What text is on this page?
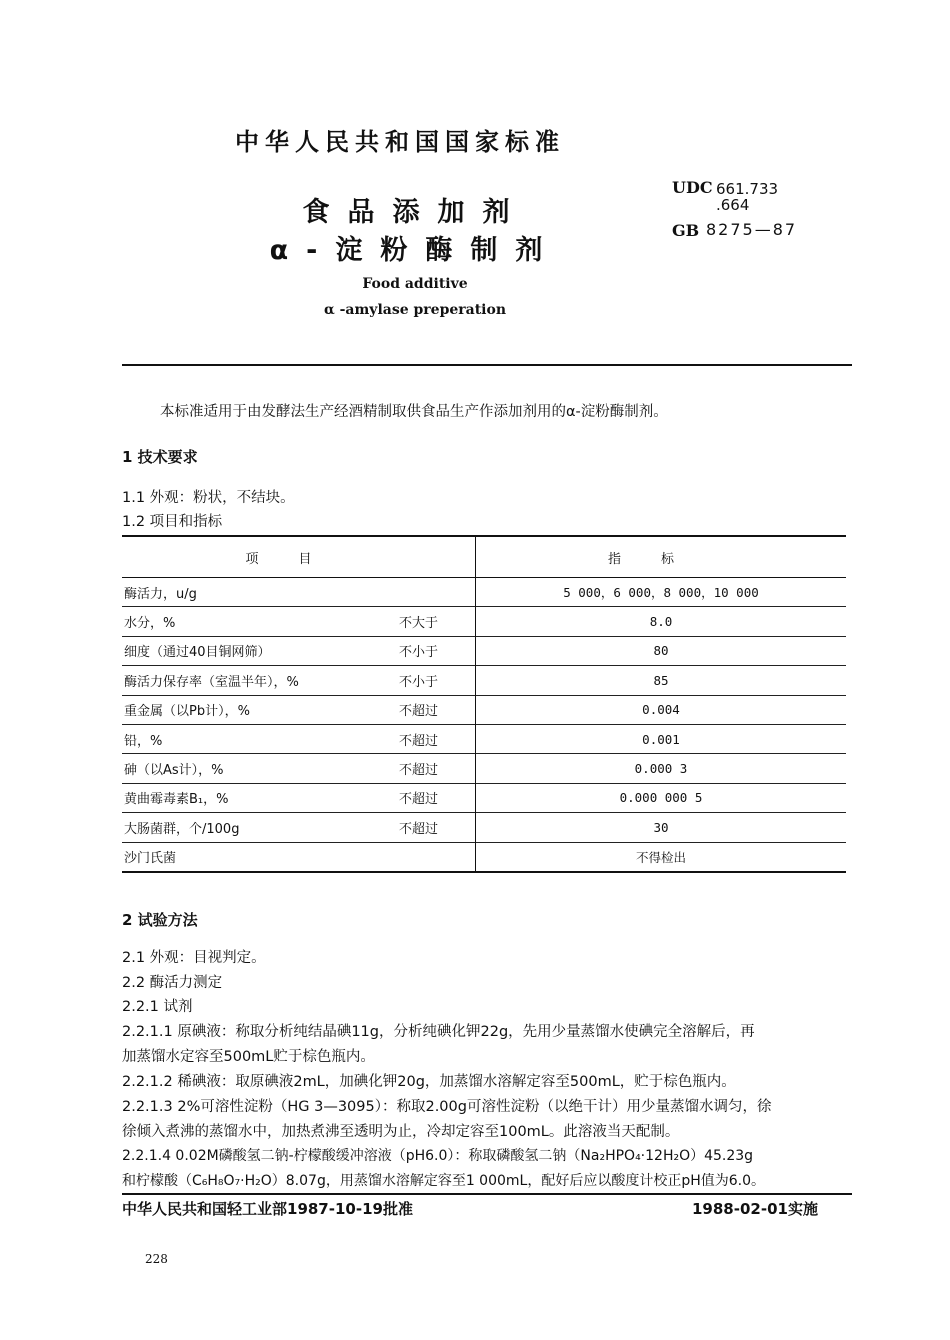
中华人民共和国国家标准
食品添加剂
α-淀粉酶制剂
Food additive
α -amylase preperation
UDC 661.733
.664
GB 8275—87
本标准适用于由发酵法生产经酒精制取供食品生产作添加剂用的α-淀粉酶制剂。
1 技术要求
1.1 外观：粉状，不结块。
1.2 项目和指标
项目		指标
酶活力，u/g		5 000，6 000，8 000，10 000
水分，%	不大于	8.0
细度（通过40目铜网筛）	不小于	80
酶活力保存率（室温半年），%	不小于	85
重金属（以Pb计），%	不超过	0.004
铅，%	不超过	0.001
砷（以As计），%	不超过	0.000 3
黄曲霉毒素B₁，%	不超过	0.000 000 5
大肠菌群，个/100g	不超过	30
沙门氏菌		不得检出
2 试验方法
2.1 外观：目视判定。
2.2 酶活力测定
2.2.1 试剂
2.2.1.1 原碘液：称取分析纯结晶碘11g，分析纯碘化钾22g，先用少量蒸馏水使碘完全溶解后，再
加蒸馏水定容至500mL贮于棕色瓶内。
2.2.1.2 稀碘液：取原碘液2mL，加碘化钾20g，加蒸馏水溶解定容至500mL，贮于棕色瓶内。
2.2.1.3 2%可溶性淀粉（HG 3—3095）：称取2.00g可溶性淀粉（以绝干计）用少量蒸馏水调匀，徐
徐倾入煮沸的蒸馏水中，加热煮沸至透明为止，冷却定容至100mL。此溶液当天配制。
2.2.1.4 0.02M磷酸氢二钠-柠檬酸缓冲溶液（pH6.0）：称取磷酸氢二钠（Na₂HPO₄·12H₂O）45.23g
和柠檬酸（C₆H₈O₇·H₂O）8.07g，用蒸馏水溶解定容至1 000mL，配好后应以酸度计校正pH值为6.0。
中华人民共和国轻工业部1987-10-19批准	1988-02-01实施
228
